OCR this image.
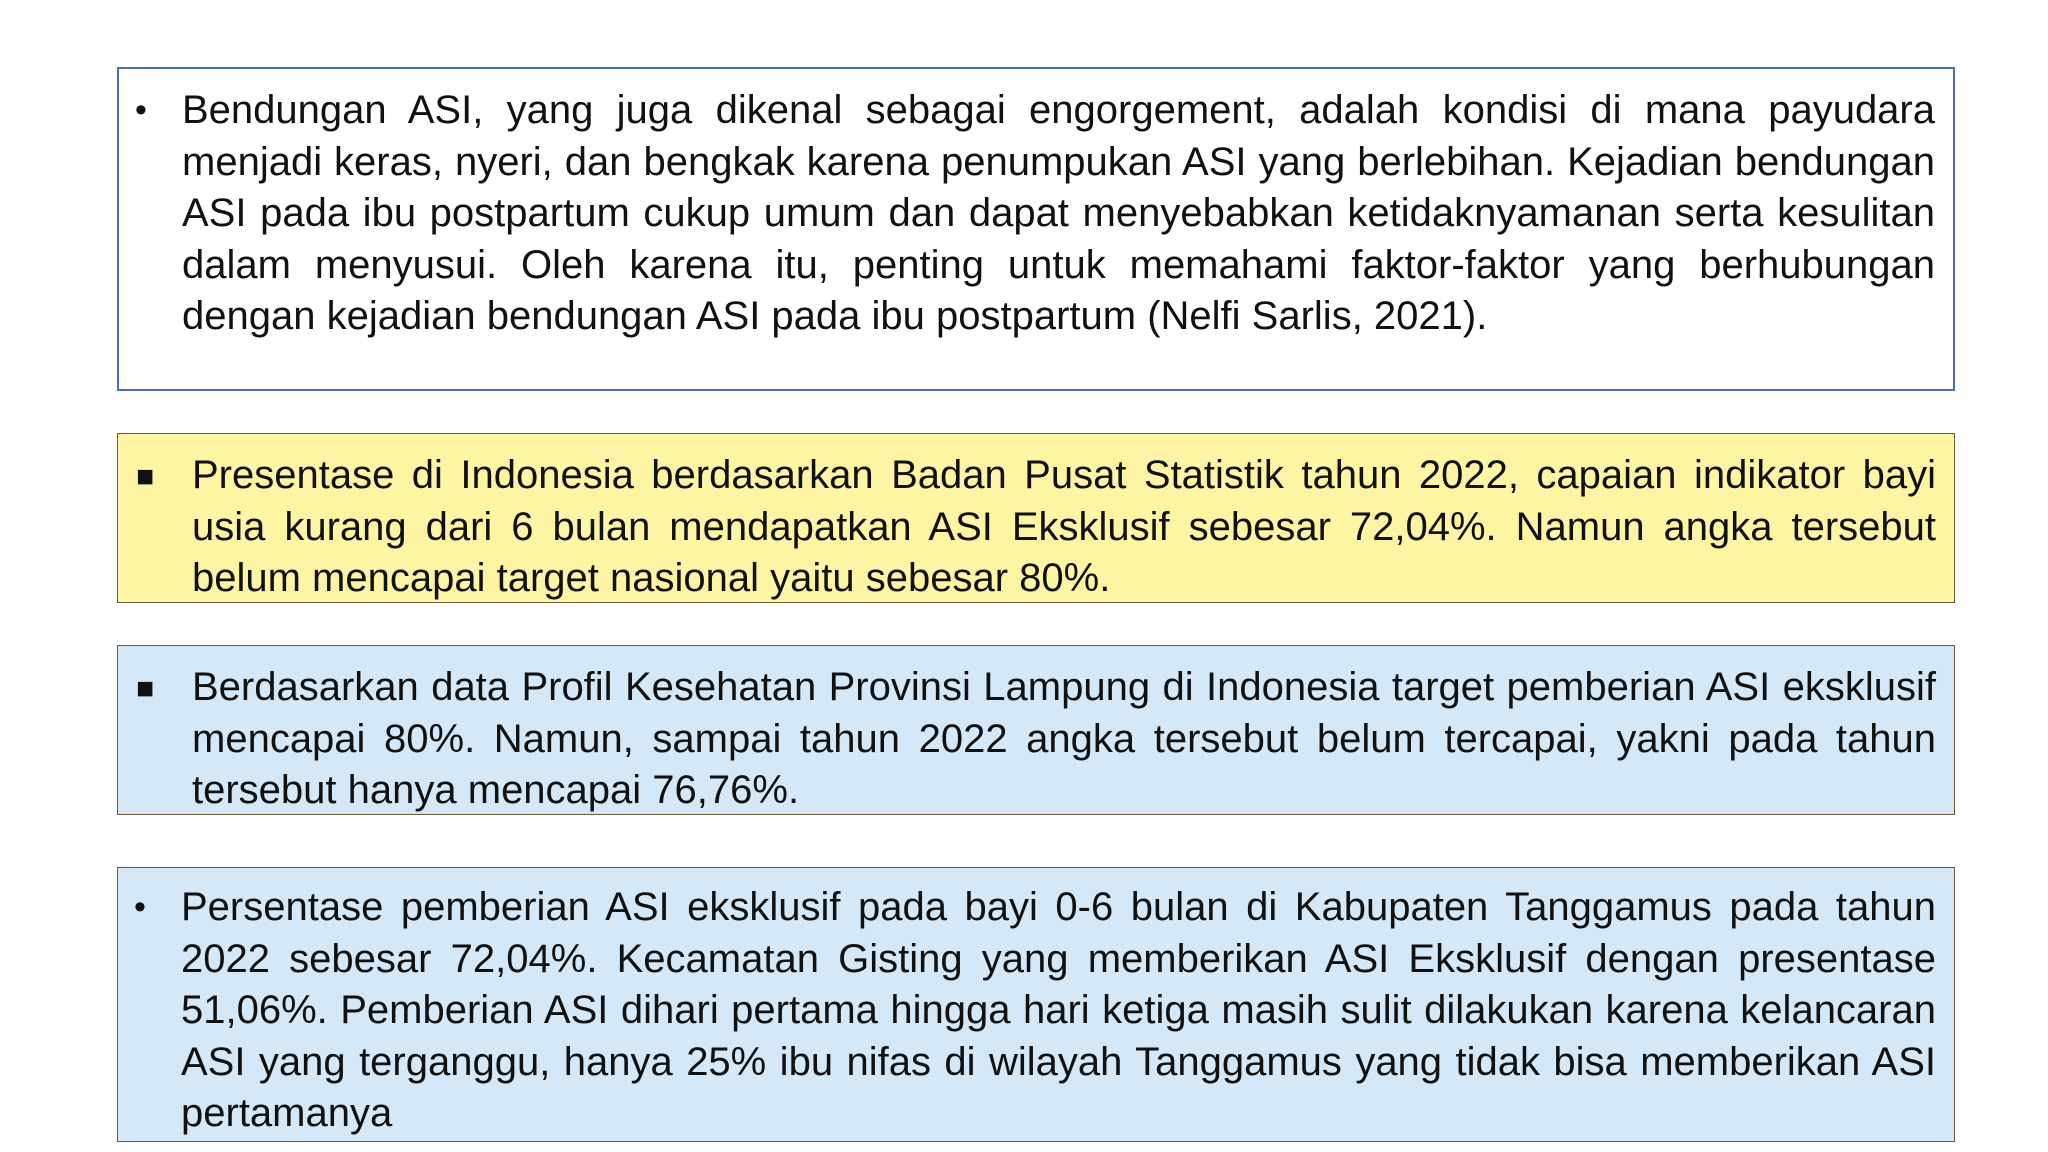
• Bendungan ASI, yang juga dikenal sebagai engorgement, adalah kondisi di mana payudara menjadi keras, nyeri, dan bengkak karena penumpukan ASI yang berlebihan. Kejadian bendungan ASI pada ibu postpartum cukup umum dan dapat menyebabkan ketidaknyamanan serta kesulitan dalam menyusui. Oleh karena itu, penting untuk memahami faktor-faktor yang berhubungan dengan kejadian bendungan ASI pada ibu postpartum (Nelfi Sarlis, 2021).

■ Presentase di Indonesia berdasarkan Badan Pusat Statistik tahun 2022, capaian indikator bayi usia kurang dari 6 bulan mendapatkan ASI Eksklusif sebesar 72,04%. Namun angka tersebut belum mencapai target nasional yaitu sebesar 80%.

■ Berdasarkan data Profil Kesehatan Provinsi Lampung di Indonesia target pemberian ASI eksklusif mencapai 80%. Namun, sampai tahun 2022 angka tersebut belum tercapai, yakni pada tahun tersebut hanya mencapai 76,76%.

• Persentase pemberian ASI eksklusif pada bayi 0-6 bulan di Kabupaten Tanggamus pada tahun 2022 sebesar 72,04%. Kecamatan Gisting yang memberikan ASI Eksklusif dengan presentase 51,06%. Pemberian ASI dihari pertama hingga hari ketiga masih sulit dilakukan karena kelancaran ASI yang terganggu, hanya 25% ibu nifas di wilayah Tanggamus yang tidak bisa memberikan ASI pertamanya
